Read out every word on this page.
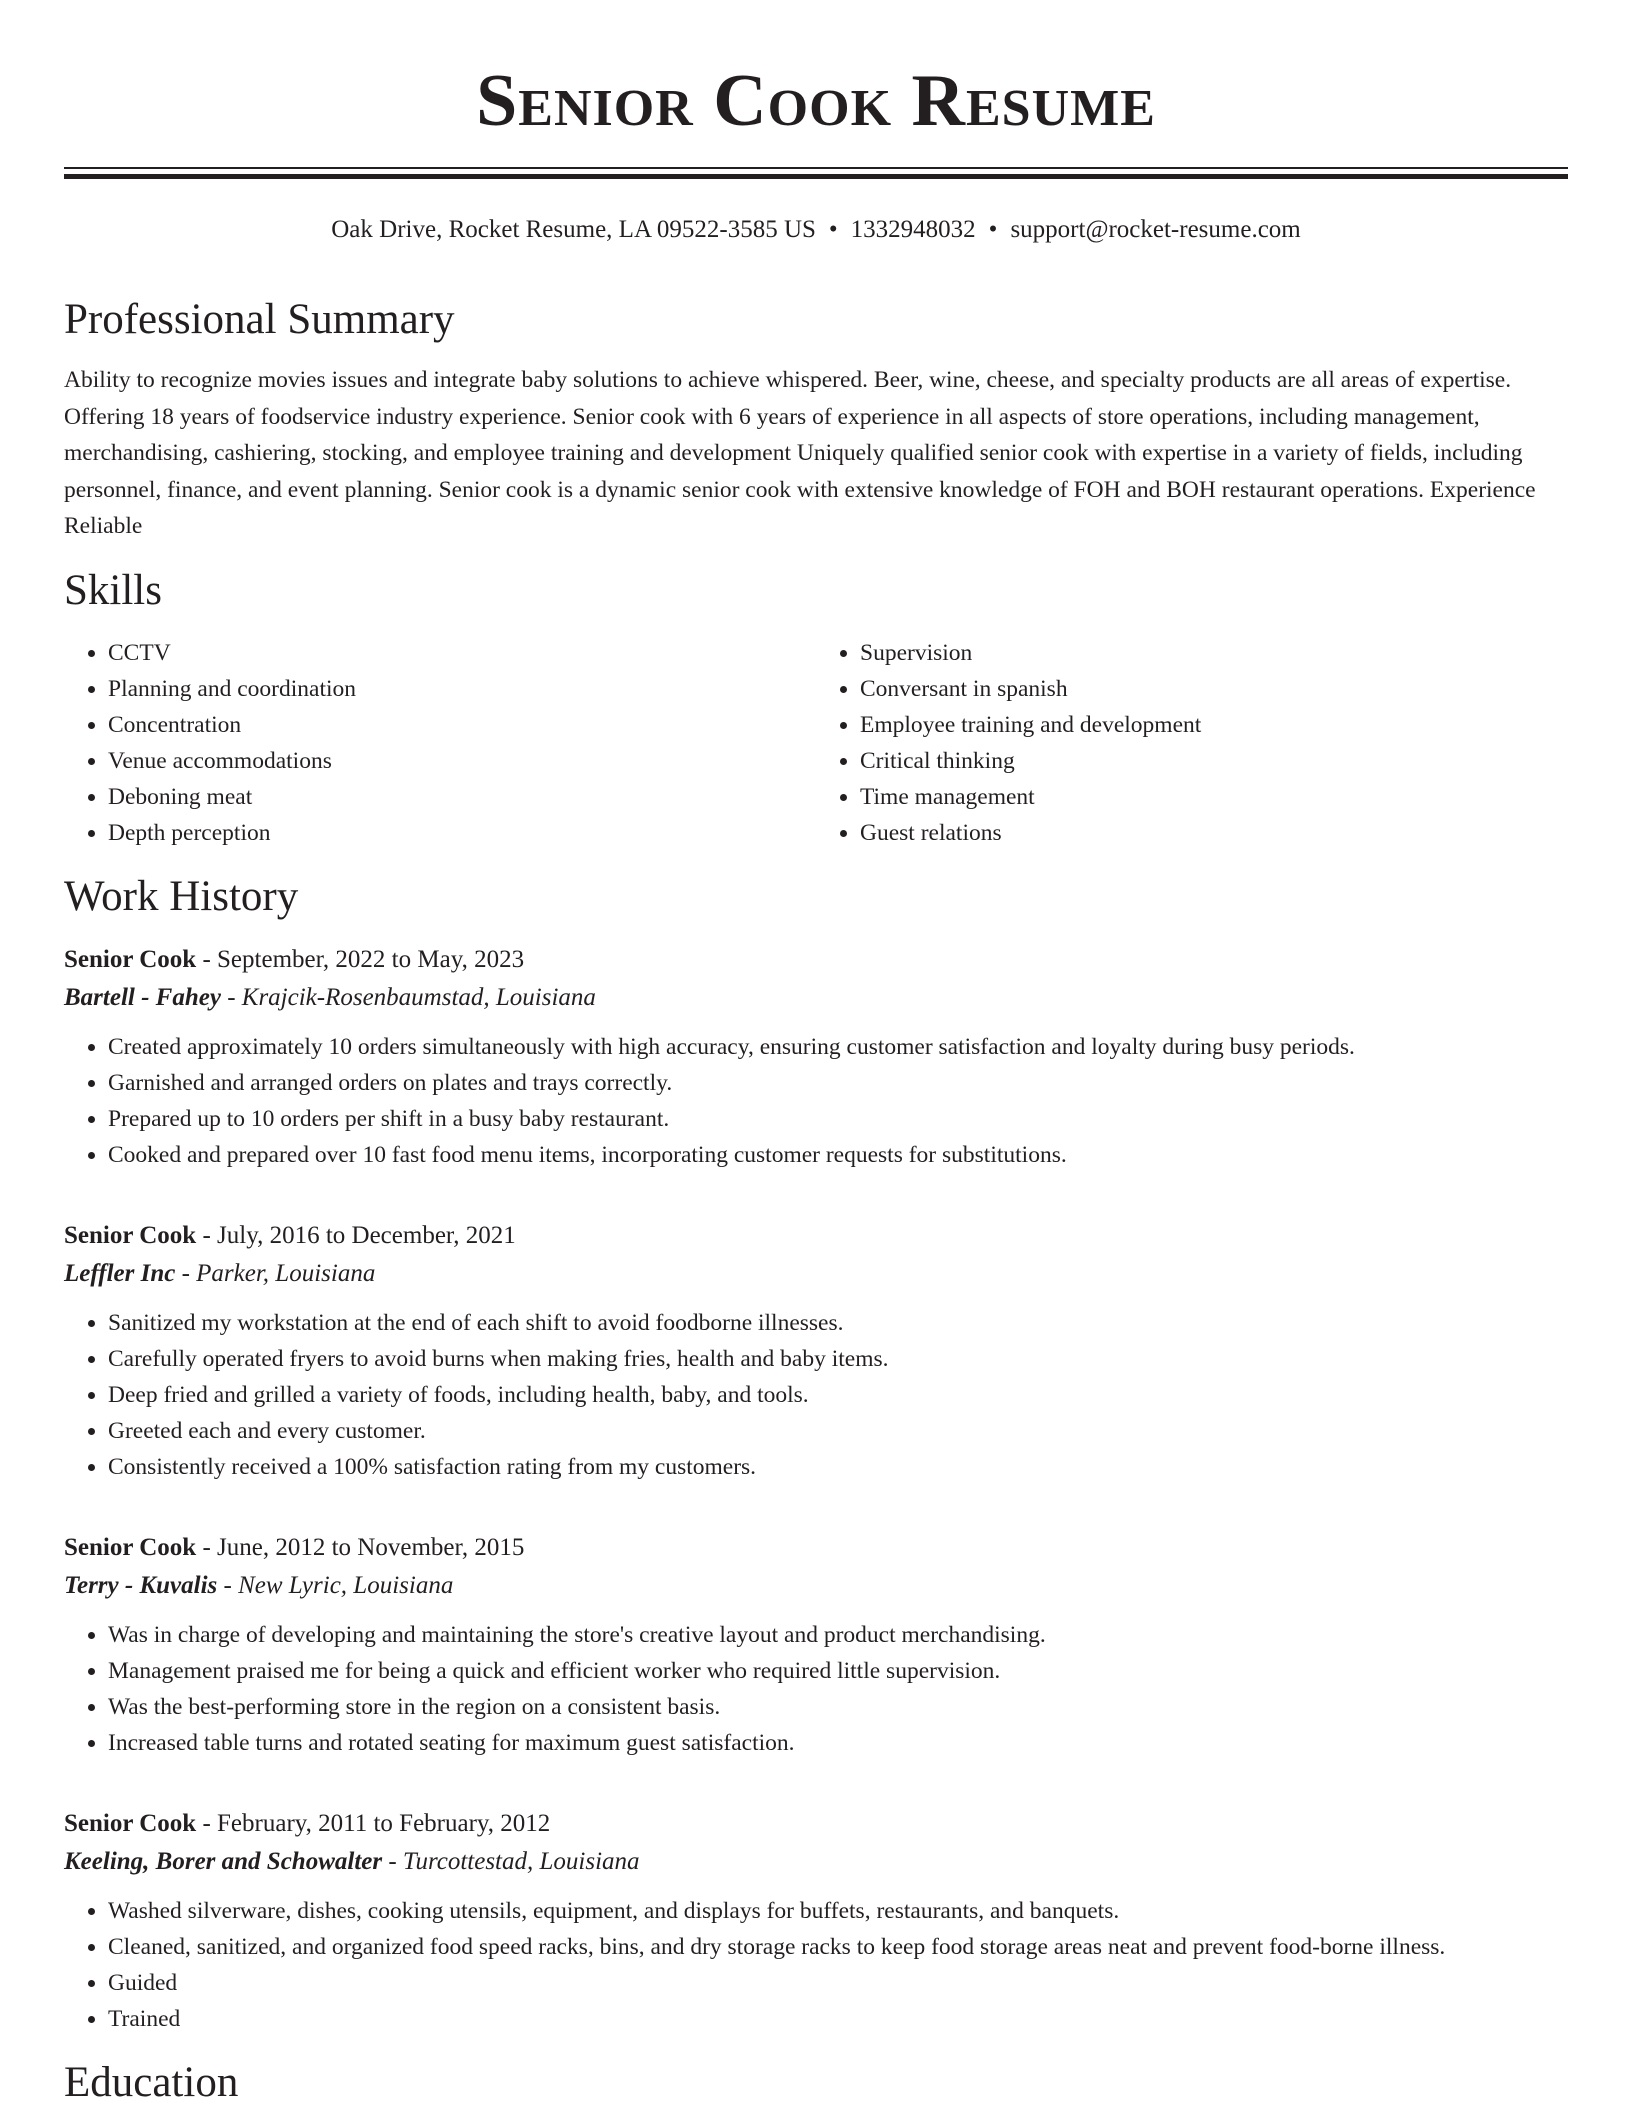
Senior Cook Resume
Oak Drive, Rocket Resume, LA 09522-3585 US • 1332948032 • support@rocket-resume.com
Professional Summary

Ability to recognize movies issues and integrate baby solutions to achieve whispered. Beer, wine, cheese, and specialty products are all areas of expertise. Offering 18 years of foodservice industry experience. Senior cook with 6 years of experience in all aspects of store operations, including management, merchandising, cashiering, stocking, and employee training and development Uniquely qualified senior cook with expertise in a variety of fields, including personnel, finance, and event planning. Senior cook is a dynamic senior cook with extensive knowledge of FOH and BOH restaurant operations. Experience Reliable

Skills
• CCTV
• Planning and coordination
• Concentration
• Venue accommodations
• Deboning meat
• Depth perception
• Supervision
• Conversant in spanish
• Employee training and development
• Critical thinking
• Time management
• Guest relations
Work History
Senior Cook - September, 2022 to May, 2023
Bartell - Fahey - Krajcik-Rosenbaumstad, Louisiana
• Created approximately 10 orders simultaneously with high accuracy, ensuring customer satisfaction and loyalty during busy periods.
• Garnished and arranged orders on plates and trays correctly.
• Prepared up to 10 orders per shift in a busy baby restaurant.
• Cooked and prepared over 10 fast food menu items, incorporating customer requests for substitutions.
Senior Cook - July, 2016 to December, 2021
Leffler Inc - Parker, Louisiana
• Sanitized my workstation at the end of each shift to avoid foodborne illnesses.
• Carefully operated fryers to avoid burns when making fries, health and baby items.
• Deep fried and grilled a variety of foods, including health, baby, and tools.
• Greeted each and every customer.
• Consistently received a 100% satisfaction rating from my customers.
Senior Cook - June, 2012 to November, 2015
Terry - Kuvalis - New Lyric, Louisiana
• Was in charge of developing and maintaining the store's creative layout and product merchandising.
• Management praised me for being a quick and efficient worker who required little supervision.
• Was the best-performing store in the region on a consistent basis.
• Increased table turns and rotated seating for maximum guest satisfaction.
Senior Cook - February, 2011 to February, 2012
Keeling, Borer and Schowalter - Turcottestad, Louisiana
• Washed silverware, dishes, cooking utensils, equipment, and displays for buffets, restaurants, and banquets.
• Cleaned, sanitized, and organized food speed racks, bins, and dry storage racks to keep food storage areas neat and prevent food-borne illness.
• Guided
• Trained
Education
